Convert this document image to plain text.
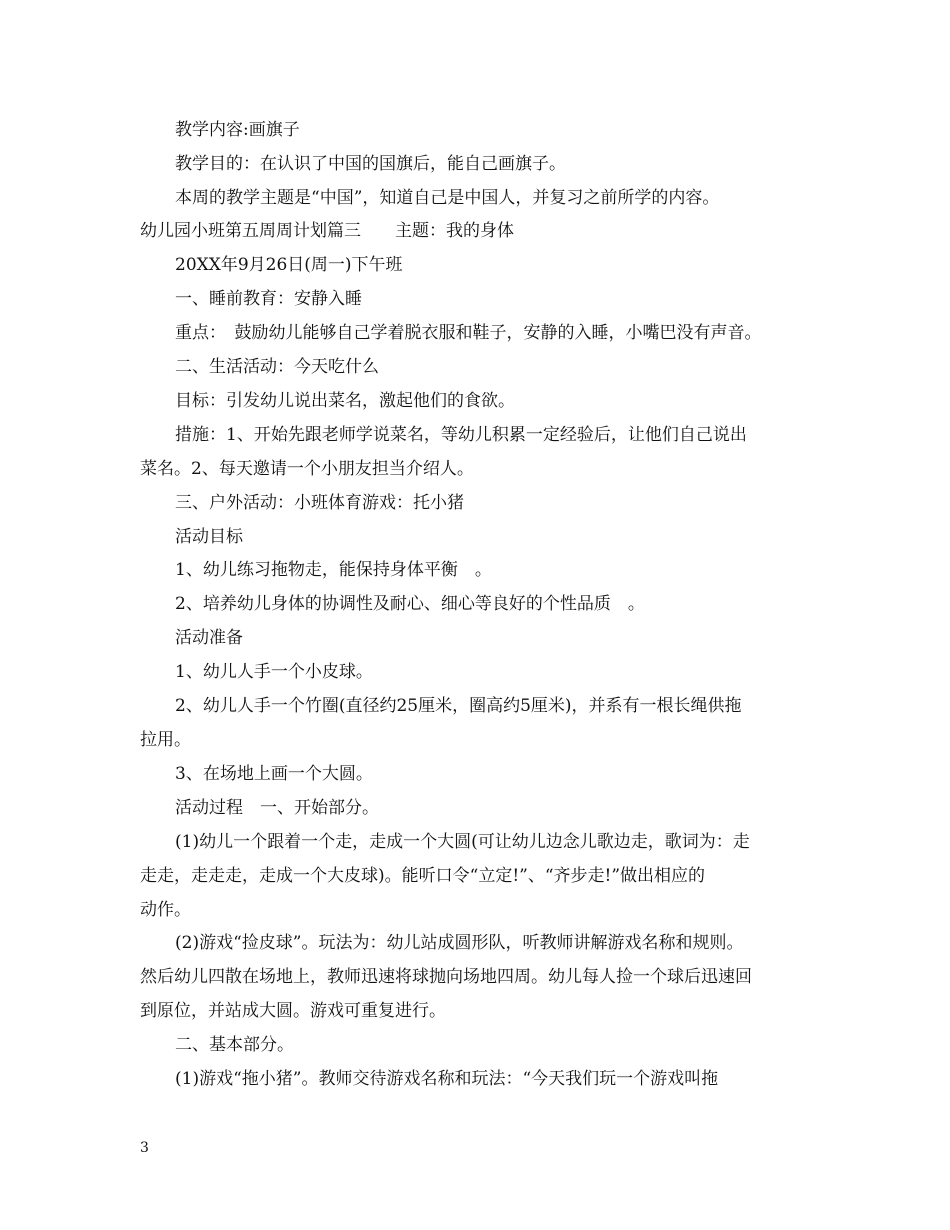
教学内容:画旗子
教学目的：在认识了中国的国旗后，能自己画旗子。
本周的教学主题是“中国”，知道自己是中国人，并复习之前所学的内容。
幼儿园小班第五周周计划篇三　　主题：我的身体
20XX年9月26日(周一)下午班
一、睡前教育：安静入睡
重点：　鼓励幼儿能够自己学着脱衣服和鞋子，安静的入睡，小嘴巴没有声音。
二、生活活动：今天吃什么
目标：引发幼儿说出菜名，激起他们的食欲。
措施：1、开始先跟老师学说菜名，等幼儿积累一定经验后，让他们自己说出
菜名。2、每天邀请一个小朋友担当介绍人。
三、户外活动：小班体育游戏：托小猪
活动目标
1、幼儿练习拖物走，能保持身体平衡　。
2、培养幼儿身体的协调性及耐心、细心等良好的个性品质　。
活动准备
1、幼儿人手一个小皮球。
2、幼儿人手一个竹圈(直径约25厘米，圈高约5厘米)，并系有一根长绳供拖
拉用。
3、在场地上画一个大圆。
活动过程　一、开始部分。
(1)幼儿一个跟着一个走，走成一个大圆(可让幼儿边念儿歌边走，歌词为：走
走走，走走走，走成一个大皮球)。能听口令“立定!”、“齐步走!”做出相应的
动作。
(2)游戏“捡皮球”。玩法为：幼儿站成圆形队，听教师讲解游戏名称和规则。
然后幼儿四散在场地上，教师迅速将球抛向场地四周。幼儿每人捡一个球后迅速回
到原位，并站成大圆。游戏可重复进行。
二、基本部分。
(1)游戏“拖小猪”。教师交待游戏名称和玩法：“今天我们玩一个游戏叫拖
3
